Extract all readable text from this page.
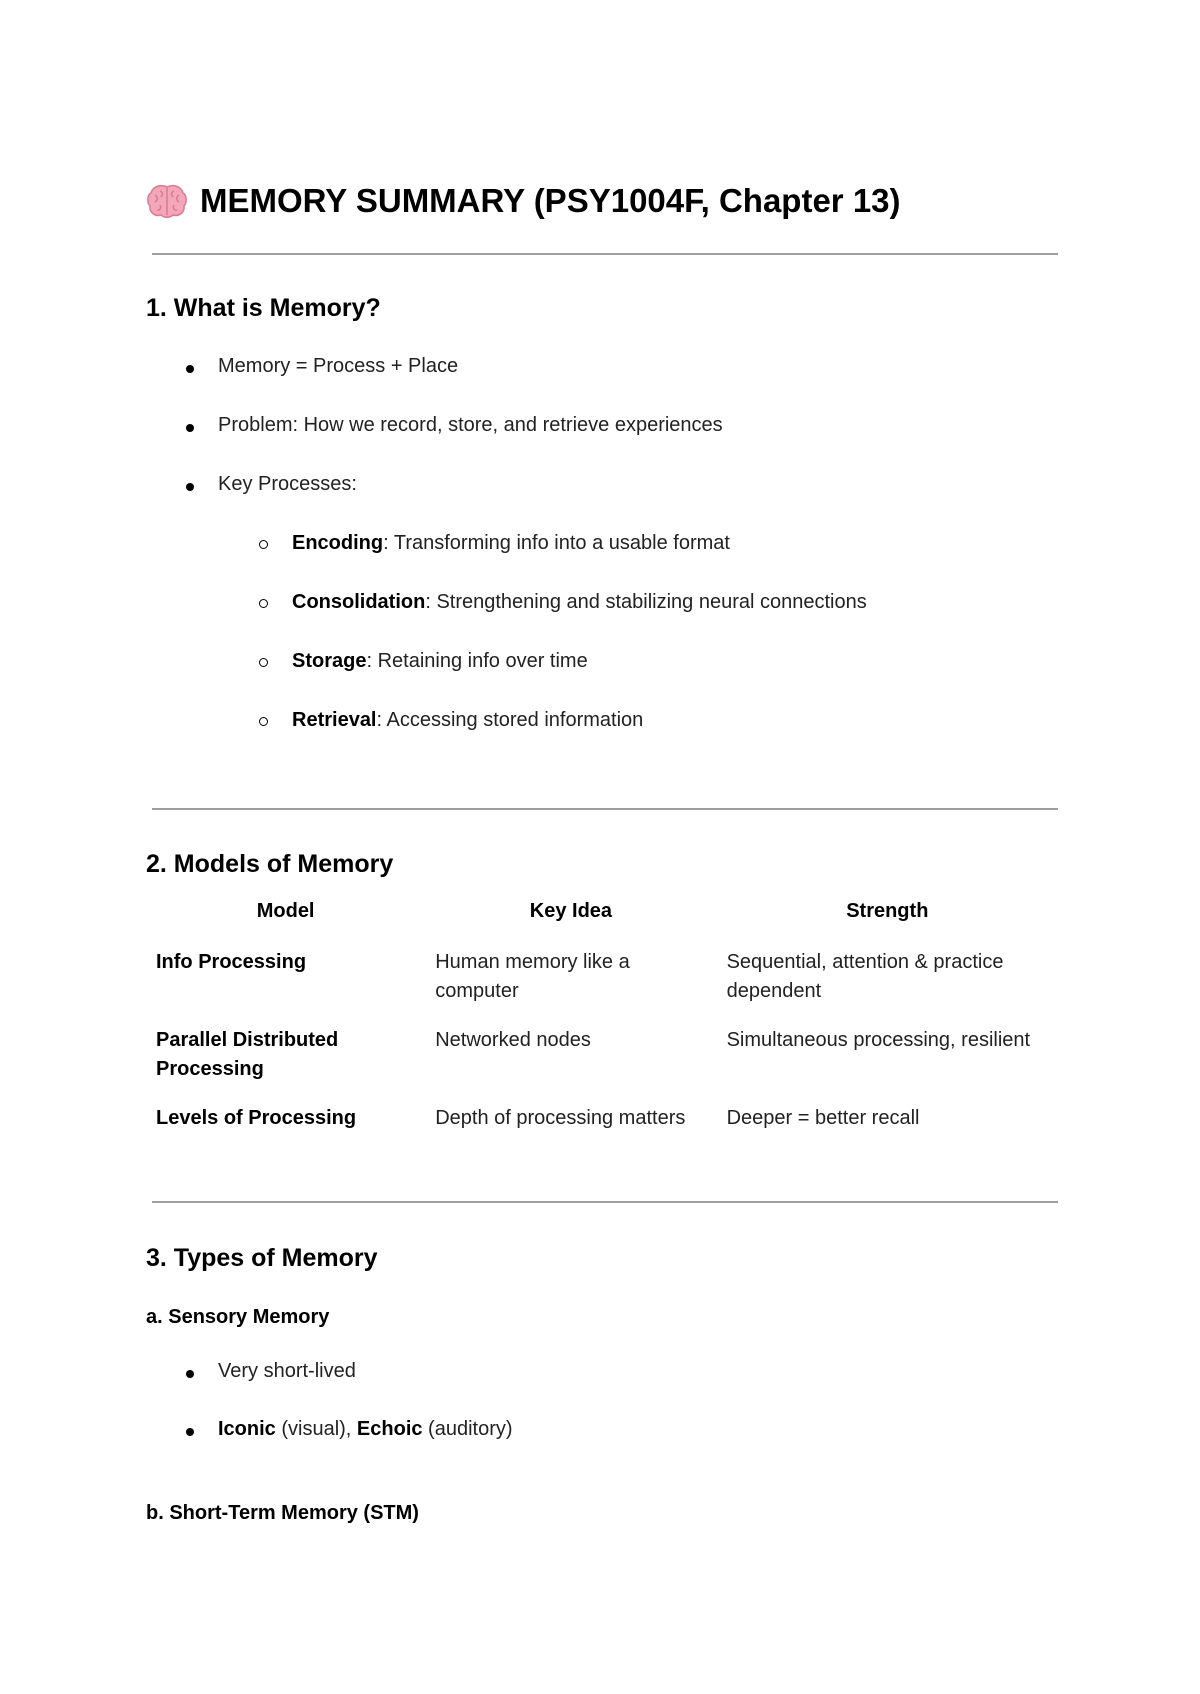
MEMORY SUMMARY (PSY1004F, Chapter 13)
1. What is Memory?
Memory = Process + Place
Problem: How we record, store, and retrieve experiences
Key Processes:
Encoding: Transforming info into a usable format
Consolidation: Strengthening and stabilizing neural connections
Storage: Retaining info over time
Retrieval: Accessing stored information
2. Models of Memory
Model	Key Idea	Strength
Info Processing	Human memory like a computer	Sequential, attention & practice dependent
Parallel Distributed Processing	Networked nodes	Simultaneous processing, resilient
Levels of Processing	Depth of processing matters	Deeper = better recall
3. Types of Memory
a. Sensory Memory
Very short-lived
Iconic (visual), Echoic (auditory)
b. Short-Term Memory (STM)
